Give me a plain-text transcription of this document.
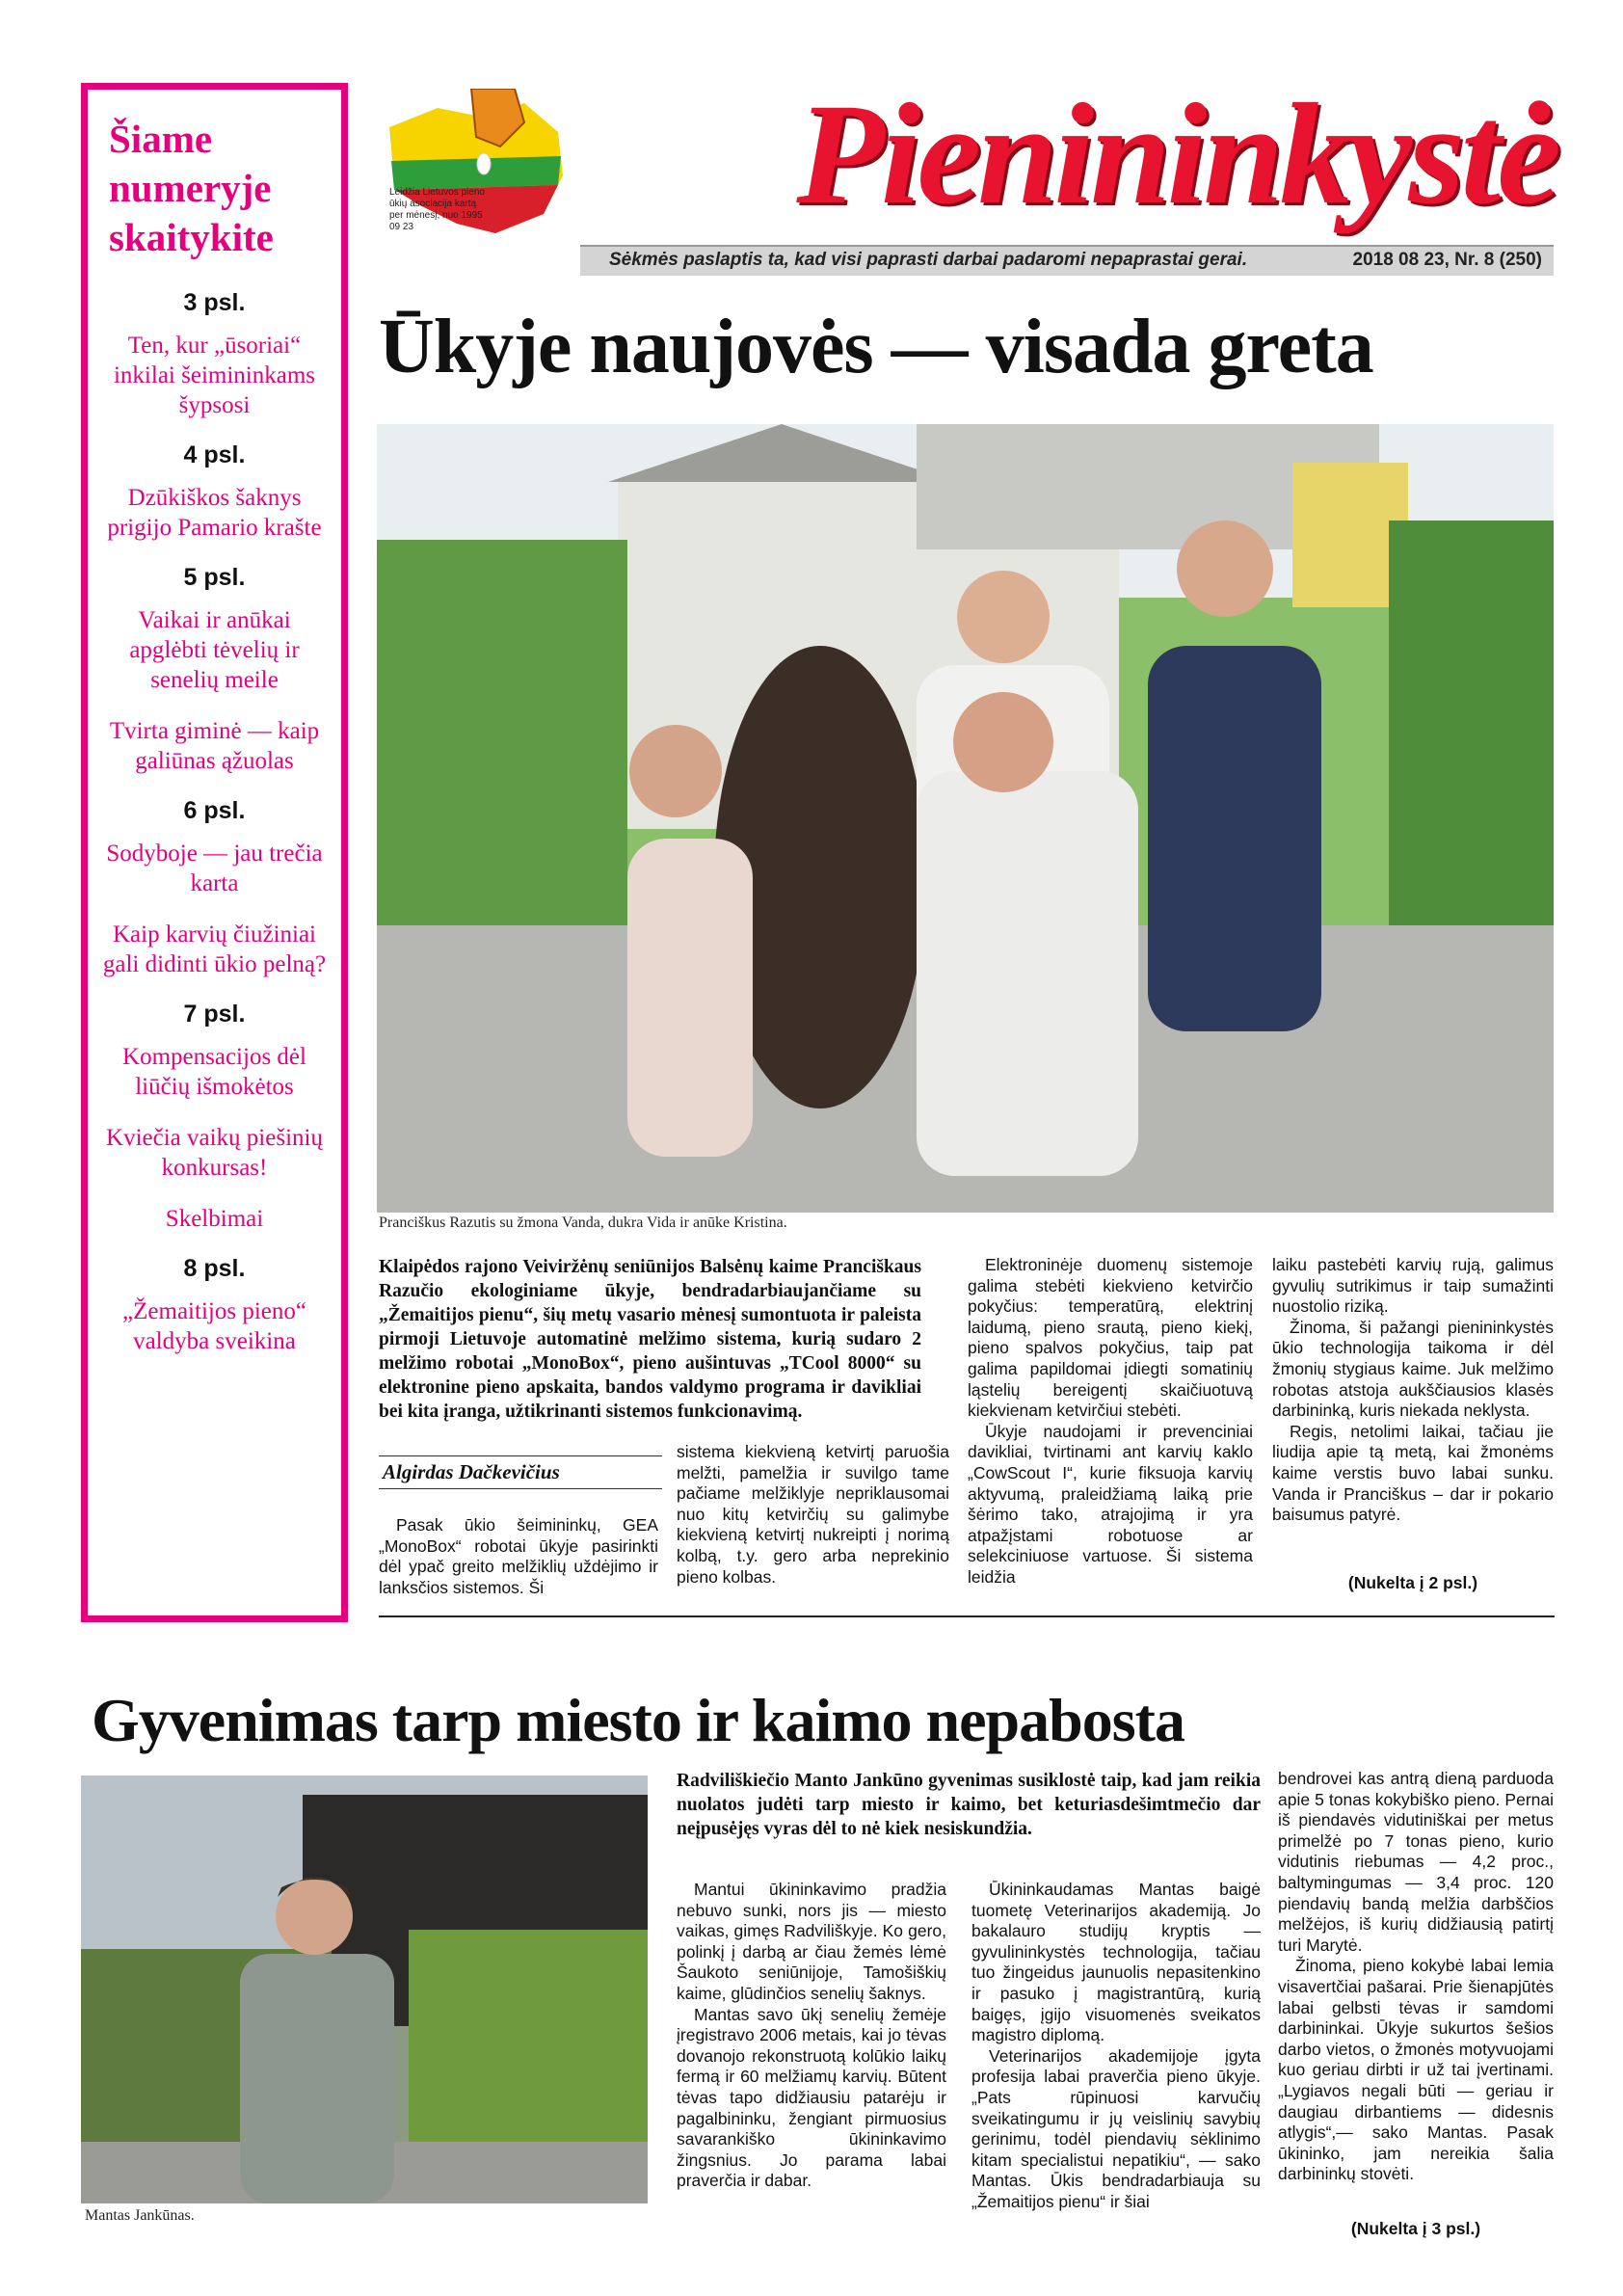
Šiame
numeryje
skaitykite
3 psl.
Ten, kur „ūsoriai“ inkilai šeimininkams šypsosi
4 psl.
Dzūkiškos šaknys prigijo Pamario krašte
5 psl.
Vaikai ir anūkai apglėbti tėvelių ir senelių meile
Tvirta giminė — kaip galiūnas ąžuolas
6 psl.
Sodyboje — jau trečia karta
Kaip karvių čiužiniai gali didinti ūkio pelną?
7 psl.
Kompensacijos dėl liūčių išmokėtos
Kviečia vaikų piešinių konkursas!
Skelbimai
8 psl.
„Žemaitijos pieno“ valdyba sveikina
Leidžia Lietuvos pieno ūkių asociacija kartą per mėnesį, nuo 1995 09 23	Pienininkystė
Sėkmės paslaptis ta, kad visi paprasti darbai padaromi nepaprastai gerai.	2018 08 23, Nr. 8 (250)
Ūkyje naujovės — visada greta
Pranciškus Razutis su žmona Vanda, dukra Vida ir anūke Kristina.
Klaipėdos rajono Veiviržėnų seniūnijos Balsėnų kaime Pranciškaus Razučio ekologiniame ūkyje, bendradarbiaujančiame su „Žemaitijos pienu“, šių metų vasario mėnesį sumontuota ir paleista pirmoji Lietuvoje automatinė melžimo sistema, kurią sudaro 2 melžimo robotai „MonoBox“, pieno aušintuvas „TCool 8000“ su elektronine pieno apskaita, bandos valdymo programa ir davikliai bei kita įranga, užtikrinanti sistemos funkcionavimą.
Algirdas Dačkevičius

Pasak ūkio šeimininkų, GEA „MonoBox“ robotai ūkyje pasirinkti dėl ypač greito melžiklių uždėjimo ir lanksčios sistemos. Ši

sistema kiekvieną ketvirtį paruošia melžti, pamelžia ir suvilgo tame pačiame melžiklyje nepriklausomai nuo kitų ketvirčių su galimybe kiekvieną ketvirtį nukreipti į norimą kolbą, t.y. gero arba neprekinio pieno kolbas.

Elektroninėje duomenų sistemoje galima stebėti kiekvieno ketvirčio pokyčius: temperatūrą, elektrinį laidumą, pieno srautą, pieno kiekį, pieno spalvos pokyčius, taip pat galima papildomai įdiegti somatinių ląstelių bereigentį skaičiuotuvą kiekvienam ketvirčiui stebėti.

Ūkyje naudojami ir prevenciniai davikliai, tvirtinami ant karvių kaklo „CowScout I“, kurie fiksuoja karvių aktyvumą, praleidžiamą laiką prie šėrimo tako, atrajojimą ir yra atpažįstami robotuose ar selekciniuose vartuose. Ši sistema leidžia

laiku pastebėti karvių rują, galimus gyvulių sutrikimus ir taip sumažinti nuostolio riziką.

Žinoma, ši pažangi pienininkystės ūkio technologija taikoma ir dėl žmonių stygiaus kaime. Juk melžimo robotas atstoja aukščiausios klasės darbininką, kuris niekada neklysta.

Regis, netolimi laikai, tačiau jie liudija apie tą metą, kai žmonėms kaime verstis buvo labai sunku. Vanda ir Pranciškus – dar ir pokario baisumus patyrė.

(Nukelta į 2 psl.)
Gyvenimas tarp miesto ir kaimo nepabosta
Mantas Jankūnas.
Radviliškiečio Manto Jankūno gyvenimas susiklostė taip, kad jam reikia nuolatos judėti tarp miesto ir kaimo, bet keturiasdešimtmečio dar neįpusėjęs vyras dėl to nė kiek nesiskundžia.

Mantui ūkininkavimo pradžia nebuvo sunki, nors jis — miesto vaikas, gimęs Radviliškyje. Ko gero, polinkį į darbą ar čiau žemės lėmė Šaukoto seniūnijoje, Tamošiškių kaime, glūdinčios senelių šaknys.

Mantas savo ūkį senelių žemėje įregistravo 2006 metais, kai jo tėvas dovanojo rekonstruotą kolūkio laikų fermą ir 60 melžiamų karvių. Būtent tėvas tapo didžiausiu patarėju ir pagalbininku, žengiant pirmuosius savarankiško ūkininkavimo žingsnius. Jo parama labai praverčia ir dabar.

Ūkininkaudamas Mantas baigė tuometę Veterinarijos akademiją. Jo bakalauro studijų kryptis — gyvulininkystės technologija, tačiau tuo žingeidus jaunuolis nepasitenkino ir pasuko į magistrantūrą, kurią baigęs, įgijo visuomenės sveikatos magistro diplomą.

Veterinarijos akademijoje įgyta profesija labai praverčia pieno ūkyje. „Pats rūpinuosi karvučių sveikatingumu ir jų veislinių savybių gerinimu, todėl piendavių sėklinimo kitam specialistui nepatikiu“, — sako Mantas. Ūkis bendradarbiauja su „Žemaitijos pienu“ ir šiai

bendrovei kas antrą dieną parduoda apie 5 tonas kokybiško pieno. Pernai iš piendavės vidutiniškai per metus primelžė po 7 tonas pieno, kurio vidutinis riebumas — 4,2 proc., baltymingumas — 3,4 proc. 120 piendavių bandą melžia darbščios melžėjos, iš kurių didžiausią patirtį turi Marytė.

Žinoma, pieno kokybė labai lemia visavertčiai pašarai. Prie šienapjūtės labai gelbsti tėvas ir samdomi darbininkai. Ūkyje sukurtos šešios darbo vietos, o žmonės motyvuojami kuo geriau dirbti ir už tai įvertinami. „Lygiavos negali būti — geriau ir daugiau dirbantiems — didesnis atlygis“,— sako Mantas. Pasak ūkininko, jam nereikia šalia darbininkų stovėti.

(Nukelta į 3 psl.)
